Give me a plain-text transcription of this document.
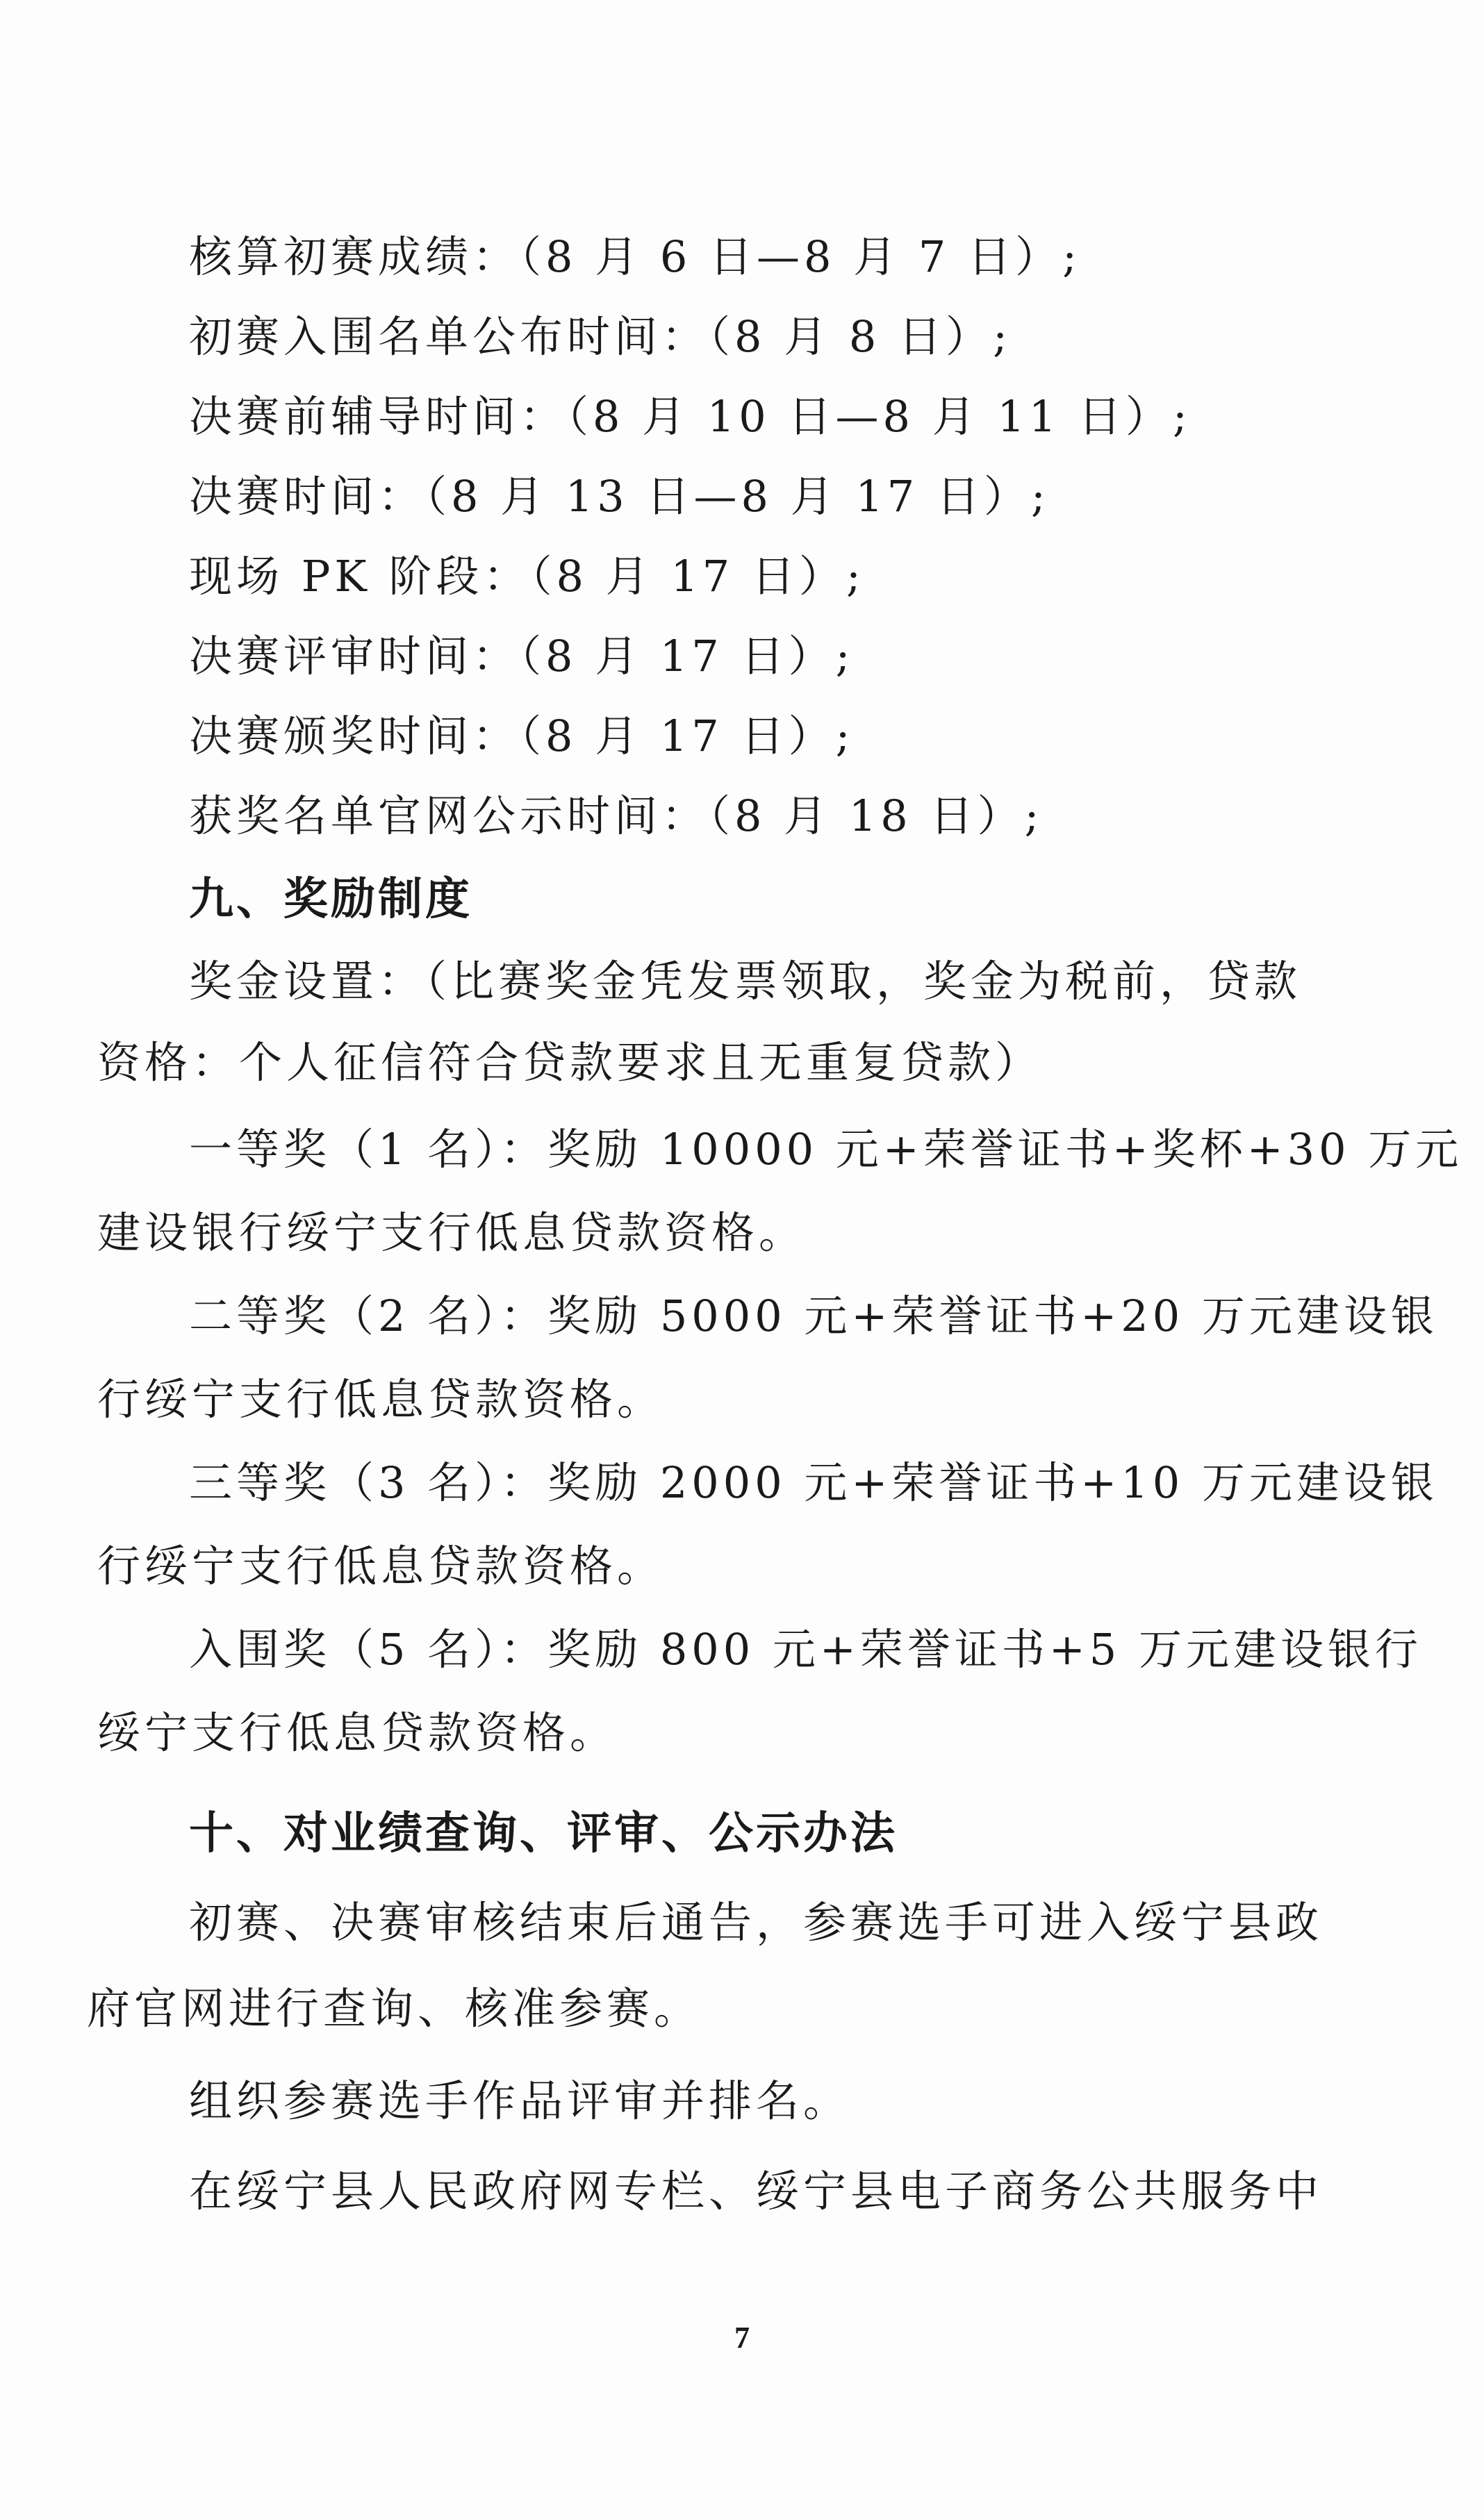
核算初赛成绩：（8 月 6 日—8 月 7 日）;

初赛入围名单公布时间：（8 月 8 日）;

决赛前辅导时间：（8 月 10 日—8 月 11 日）;

决赛时间：（8 月 13 日—8 月 17 日）;

现场 PK 阶段：（8 月 17 日）;

决赛评审时间：（8 月 17 日）;

决赛颁奖时间：（8 月 17 日）;

获奖名单官网公示时间：（8 月 18 日）;

九、奖励制度

奖金设置：（比赛奖金凭发票领取，奖金为税前，贷款

资格：个人征信符合贷款要求且无重复贷款）

一等奖（1 名）：奖励 10000 元+荣誉证书+奖杯+30 万元

建设银行绥宁支行低息贷款资格。

二等奖（2 名）：奖励 5000 元+荣誉证书+20 万元建设银

行绥宁支行低息贷款资格。

三等奖（3 名）：奖励 2000 元+荣誉证书+10 万元建设银

行绥宁支行低息贷款资格。

入围奖（5 名）：奖励 800 元+荣誉证书+5 万元建设银行

绥宁支行低息贷款资格。

十、对业绩查询、评审、公示办法

初赛、决赛审核结束后通告，参赛选手可进入绥宁县政

府官网进行查询、核准参赛。

组织参赛选手作品评审并排名。

在绥宁县人民政府网专栏、绥宁县电子商务公共服务中

7
